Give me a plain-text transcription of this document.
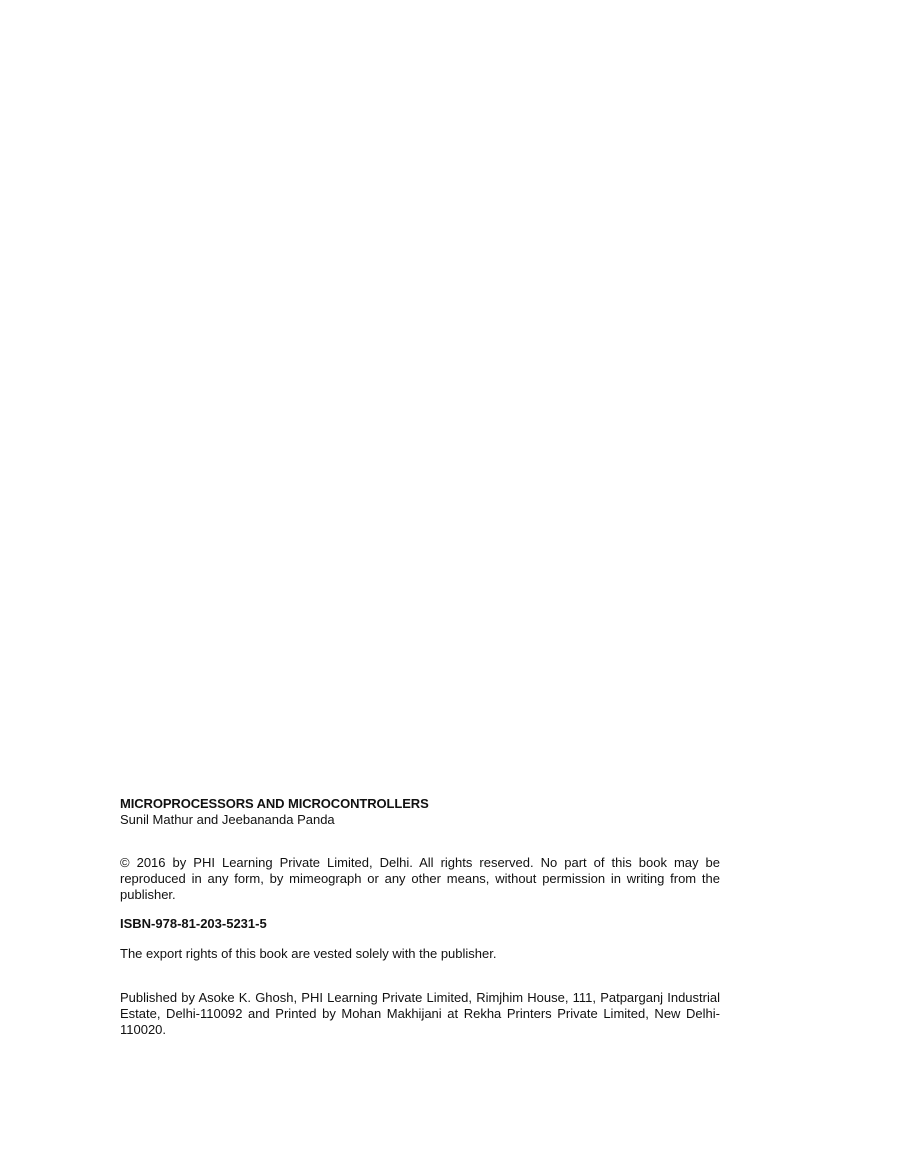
MICROPROCESSORS AND MICROCONTROLLERS

Sunil Mathur and Jeebananda Panda

© 2016 by PHI Learning Private Limited, Delhi. All rights reserved. No part of this book may be reproduced in any form, by mimeograph or any other means, without permission in writing from the publisher.

ISBN-978-81-203-5231-5

The export rights of this book are vested solely with the publisher.

Published by Asoke K. Ghosh, PHI Learning Private Limited, Rimjhim House, 111, Patparganj Industrial Estate, Delhi-110092 and Printed by Mohan Makhijani at Rekha Printers Private Limited, New Delhi-110020.
